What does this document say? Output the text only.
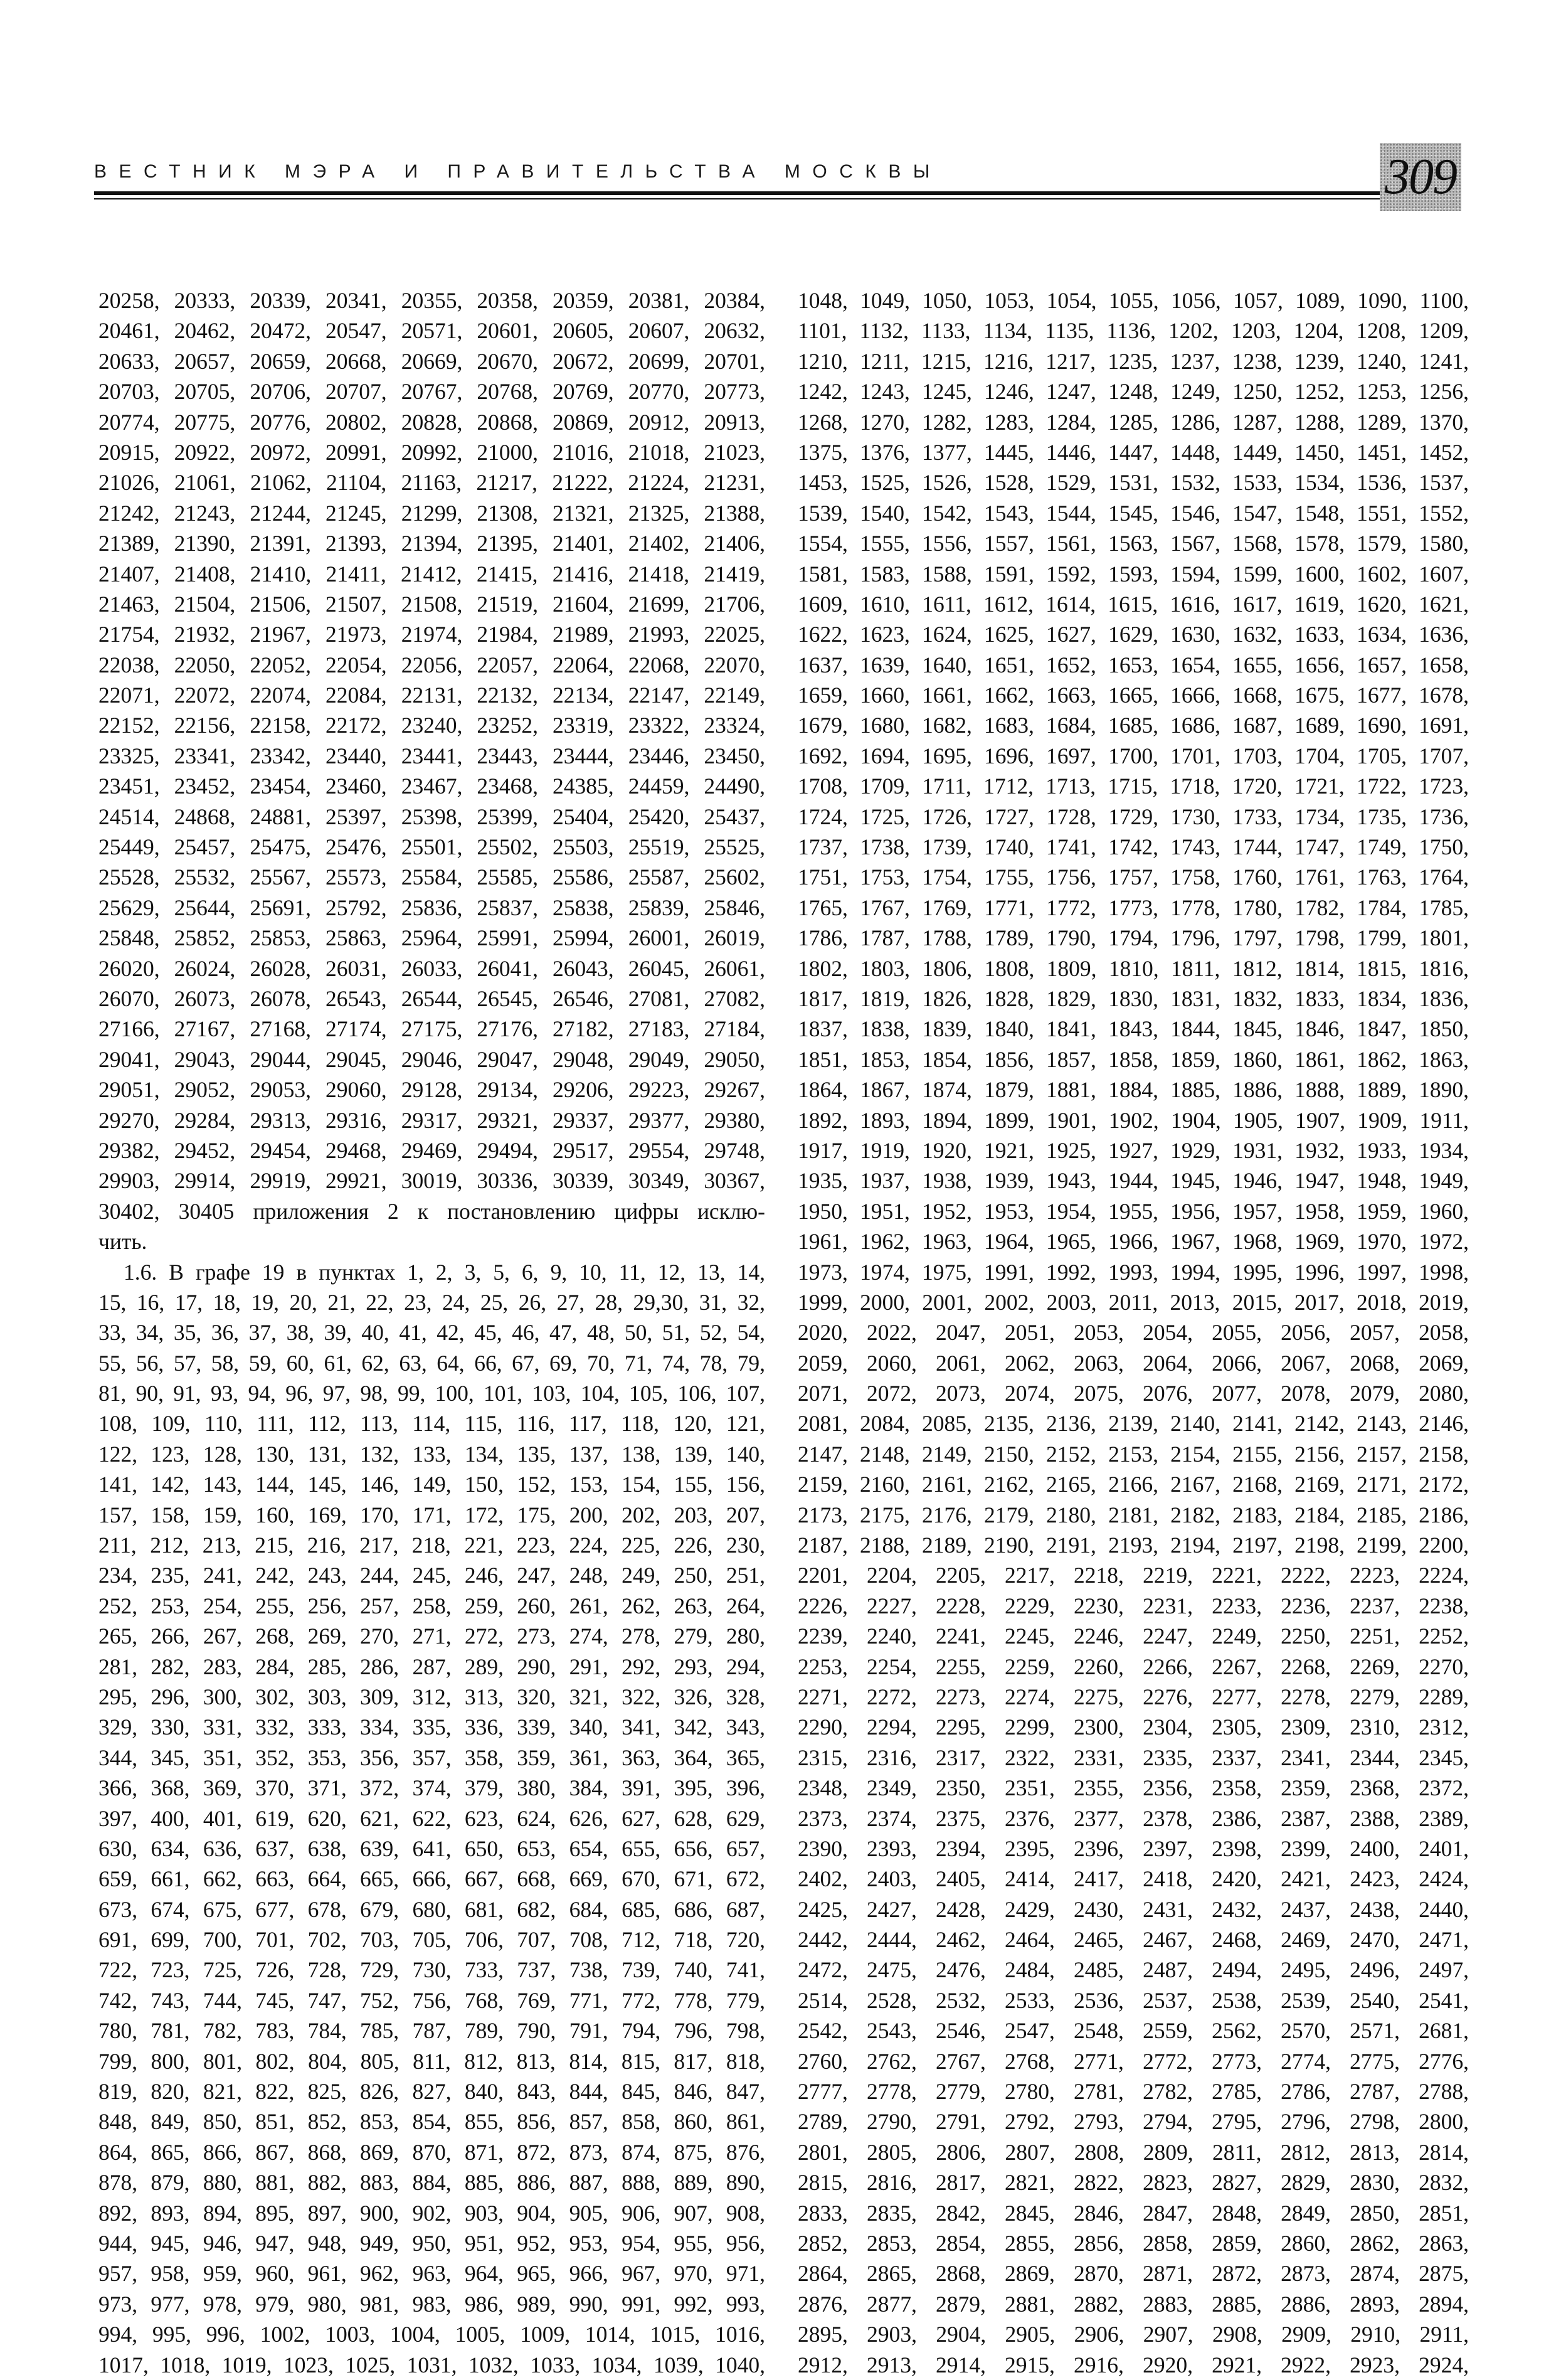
ВЕСТНИК МЭРА И ПРАВИТЕЛЬСТВА МОСКВЫ	309
20258, 20333, 20339, 20341, 20355, 20358, 20359, 20381, 20384,
20461, 20462, 20472, 20547, 20571, 20601, 20605, 20607, 20632,
20633, 20657, 20659, 20668, 20669, 20670, 20672, 20699, 20701,
20703, 20705, 20706, 20707, 20767, 20768, 20769, 20770, 20773,
20774, 20775, 20776, 20802, 20828, 20868, 20869, 20912, 20913,
20915, 20922, 20972, 20991, 20992, 21000, 21016, 21018, 21023,
21026, 21061, 21062, 21104, 21163, 21217, 21222, 21224, 21231,
21242, 21243, 21244, 21245, 21299, 21308, 21321, 21325, 21388,
21389, 21390, 21391, 21393, 21394, 21395, 21401, 21402, 21406,
21407, 21408, 21410, 21411, 21412, 21415, 21416, 21418, 21419,
21463, 21504, 21506, 21507, 21508, 21519, 21604, 21699, 21706,
21754, 21932, 21967, 21973, 21974, 21984, 21989, 21993, 22025,
22038, 22050, 22052, 22054, 22056, 22057, 22064, 22068, 22070,
22071, 22072, 22074, 22084, 22131, 22132, 22134, 22147, 22149,
22152, 22156, 22158, 22172, 23240, 23252, 23319, 23322, 23324,
23325, 23341, 23342, 23440, 23441, 23443, 23444, 23446, 23450,
23451, 23452, 23454, 23460, 23467, 23468, 24385, 24459, 24490,
24514, 24868, 24881, 25397, 25398, 25399, 25404, 25420, 25437,
25449, 25457, 25475, 25476, 25501, 25502, 25503, 25519, 25525,
25528, 25532, 25567, 25573, 25584, 25585, 25586, 25587, 25602,
25629, 25644, 25691, 25792, 25836, 25837, 25838, 25839, 25846,
25848, 25852, 25853, 25863, 25964, 25991, 25994, 26001, 26019,
26020, 26024, 26028, 26031, 26033, 26041, 26043, 26045, 26061,
26070, 26073, 26078, 26543, 26544, 26545, 26546, 27081, 27082,
27166, 27167, 27168, 27174, 27175, 27176, 27182, 27183, 27184,
29041, 29043, 29044, 29045, 29046, 29047, 29048, 29049, 29050,
29051, 29052, 29053, 29060, 29128, 29134, 29206, 29223, 29267,
29270, 29284, 29313, 29316, 29317, 29321, 29337, 29377, 29380,
29382, 29452, 29454, 29468, 29469, 29494, 29517, 29554, 29748,
29903, 29914, 29919, 29921, 30019, 30336, 30339, 30349, 30367,
30402, 30405 приложения 2 к постановлению цифры исклю-
чить.
1.6. В графе 19 в пунктах 1, 2, 3, 5, 6, 9, 10, 11, 12, 13, 14,
15, 16, 17, 18, 19, 20, 21, 22, 23, 24, 25, 26, 27, 28, 29,30, 31, 32,
33, 34, 35, 36, 37, 38, 39, 40, 41, 42, 45, 46, 47, 48, 50, 51, 52, 54,
55, 56, 57, 58, 59, 60, 61, 62, 63, 64, 66, 67, 69, 70, 71, 74, 78, 79,
81, 90, 91, 93, 94, 96, 97, 98, 99, 100, 101, 103, 104, 105, 106, 107,
108, 109, 110, 111, 112, 113, 114, 115, 116, 117, 118, 120, 121,
122, 123, 128, 130, 131, 132, 133, 134, 135, 137, 138, 139, 140,
141, 142, 143, 144, 145, 146, 149, 150, 152, 153, 154, 155, 156,
157, 158, 159, 160, 169, 170, 171, 172, 175, 200, 202, 203, 207,
211, 212, 213, 215, 216, 217, 218, 221, 223, 224, 225, 226, 230,
234, 235, 241, 242, 243, 244, 245, 246, 247, 248, 249, 250, 251,
252, 253, 254, 255, 256, 257, 258, 259, 260, 261, 262, 263, 264,
265, 266, 267, 268, 269, 270, 271, 272, 273, 274, 278, 279, 280,
281, 282, 283, 284, 285, 286, 287, 289, 290, 291, 292, 293, 294,
295, 296, 300, 302, 303, 309, 312, 313, 320, 321, 322, 326, 328,
329, 330, 331, 332, 333, 334, 335, 336, 339, 340, 341, 342, 343,
344, 345, 351, 352, 353, 356, 357, 358, 359, 361, 363, 364, 365,
366, 368, 369, 370, 371, 372, 374, 379, 380, 384, 391, 395, 396,
397, 400, 401, 619, 620, 621, 622, 623, 624, 626, 627, 628, 629,
630, 634, 636, 637, 638, 639, 641, 650, 653, 654, 655, 656, 657,
659, 661, 662, 663, 664, 665, 666, 667, 668, 669, 670, 671, 672,
673, 674, 675, 677, 678, 679, 680, 681, 682, 684, 685, 686, 687,
691, 699, 700, 701, 702, 703, 705, 706, 707, 708, 712, 718, 720,
722, 723, 725, 726, 728, 729, 730, 733, 737, 738, 739, 740, 741,
742, 743, 744, 745, 747, 752, 756, 768, 769, 771, 772, 778, 779,
780, 781, 782, 783, 784, 785, 787, 789, 790, 791, 794, 796, 798,
799, 800, 801, 802, 804, 805, 811, 812, 813, 814, 815, 817, 818,
819, 820, 821, 822, 825, 826, 827, 840, 843, 844, 845, 846, 847,
848, 849, 850, 851, 852, 853, 854, 855, 856, 857, 858, 860, 861,
864, 865, 866, 867, 868, 869, 870, 871, 872, 873, 874, 875, 876,
878, 879, 880, 881, 882, 883, 884, 885, 886, 887, 888, 889, 890,
892, 893, 894, 895, 897, 900, 902, 903, 904, 905, 906, 907, 908,
944, 945, 946, 947, 948, 949, 950, 951, 952, 953, 954, 955, 956,
957, 958, 959, 960, 961, 962, 963, 964, 965, 966, 967, 970, 971,
973, 977, 978, 979, 980, 981, 983, 986, 989, 990, 991, 992, 993,
994, 995, 996, 1002, 1003, 1004, 1005, 1009, 1014, 1015, 1016,
1017, 1018, 1019, 1023, 1025, 1031, 1032, 1033, 1034, 1039, 1040,
1048, 1049, 1050, 1053, 1054, 1055, 1056, 1057, 1089, 1090, 1100,
1101, 1132, 1133, 1134, 1135, 1136, 1202, 1203, 1204, 1208, 1209,
1210, 1211, 1215, 1216, 1217, 1235, 1237, 1238, 1239, 1240, 1241,
1242, 1243, 1245, 1246, 1247, 1248, 1249, 1250, 1252, 1253, 1256,
1268, 1270, 1282, 1283, 1284, 1285, 1286, 1287, 1288, 1289, 1370,
1375, 1376, 1377, 1445, 1446, 1447, 1448, 1449, 1450, 1451, 1452,
1453, 1525, 1526, 1528, 1529, 1531, 1532, 1533, 1534, 1536, 1537,
1539, 1540, 1542, 1543, 1544, 1545, 1546, 1547, 1548, 1551, 1552,
1554, 1555, 1556, 1557, 1561, 1563, 1567, 1568, 1578, 1579, 1580,
1581, 1583, 1588, 1591, 1592, 1593, 1594, 1599, 1600, 1602, 1607,
1609, 1610, 1611, 1612, 1614, 1615, 1616, 1617, 1619, 1620, 1621,
1622, 1623, 1624, 1625, 1627, 1629, 1630, 1632, 1633, 1634, 1636,
1637, 1639, 1640, 1651, 1652, 1653, 1654, 1655, 1656, 1657, 1658,
1659, 1660, 1661, 1662, 1663, 1665, 1666, 1668, 1675, 1677, 1678,
1679, 1680, 1682, 1683, 1684, 1685, 1686, 1687, 1689, 1690, 1691,
1692, 1694, 1695, 1696, 1697, 1700, 1701, 1703, 1704, 1705, 1707,
1708, 1709, 1711, 1712, 1713, 1715, 1718, 1720, 1721, 1722, 1723,
1724, 1725, 1726, 1727, 1728, 1729, 1730, 1733, 1734, 1735, 1736,
1737, 1738, 1739, 1740, 1741, 1742, 1743, 1744, 1747, 1749, 1750,
1751, 1753, 1754, 1755, 1756, 1757, 1758, 1760, 1761, 1763, 1764,
1765, 1767, 1769, 1771, 1772, 1773, 1778, 1780, 1782, 1784, 1785,
1786, 1787, 1788, 1789, 1790, 1794, 1796, 1797, 1798, 1799, 1801,
1802, 1803, 1806, 1808, 1809, 1810, 1811, 1812, 1814, 1815, 1816,
1817, 1819, 1826, 1828, 1829, 1830, 1831, 1832, 1833, 1834, 1836,
1837, 1838, 1839, 1840, 1841, 1843, 1844, 1845, 1846, 1847, 1850,
1851, 1853, 1854, 1856, 1857, 1858, 1859, 1860, 1861, 1862, 1863,
1864, 1867, 1874, 1879, 1881, 1884, 1885, 1886, 1888, 1889, 1890,
1892, 1893, 1894, 1899, 1901, 1902, 1904, 1905, 1907, 1909, 1911,
1917, 1919, 1920, 1921, 1925, 1927, 1929, 1931, 1932, 1933, 1934,
1935, 1937, 1938, 1939, 1943, 1944, 1945, 1946, 1947, 1948, 1949,
1950, 1951, 1952, 1953, 1954, 1955, 1956, 1957, 1958, 1959, 1960,
1961, 1962, 1963, 1964, 1965, 1966, 1967, 1968, 1969, 1970, 1972,
1973, 1974, 1975, 1991, 1992, 1993, 1994, 1995, 1996, 1997, 1998,
1999, 2000, 2001, 2002, 2003, 2011, 2013, 2015, 2017, 2018, 2019,
2020, 2022, 2047, 2051, 2053, 2054, 2055, 2056, 2057, 2058,
2059, 2060, 2061, 2062, 2063, 2064, 2066, 2067, 2068, 2069,
2071, 2072, 2073, 2074, 2075, 2076, 2077, 2078, 2079, 2080,
2081, 2084, 2085, 2135, 2136, 2139, 2140, 2141, 2142, 2143, 2146,
2147, 2148, 2149, 2150, 2152, 2153, 2154, 2155, 2156, 2157, 2158,
2159, 2160, 2161, 2162, 2165, 2166, 2167, 2168, 2169, 2171, 2172,
2173, 2175, 2176, 2179, 2180, 2181, 2182, 2183, 2184, 2185, 2186,
2187, 2188, 2189, 2190, 2191, 2193, 2194, 2197, 2198, 2199, 2200,
2201, 2204, 2205, 2217, 2218, 2219, 2221, 2222, 2223, 2224,
2226, 2227, 2228, 2229, 2230, 2231, 2233, 2236, 2237, 2238,
2239, 2240, 2241, 2245, 2246, 2247, 2249, 2250, 2251, 2252,
2253, 2254, 2255, 2259, 2260, 2266, 2267, 2268, 2269, 2270,
2271, 2272, 2273, 2274, 2275, 2276, 2277, 2278, 2279, 2289,
2290, 2294, 2295, 2299, 2300, 2304, 2305, 2309, 2310, 2312,
2315, 2316, 2317, 2322, 2331, 2335, 2337, 2341, 2344, 2345,
2348, 2349, 2350, 2351, 2355, 2356, 2358, 2359, 2368, 2372,
2373, 2374, 2375, 2376, 2377, 2378, 2386, 2387, 2388, 2389,
2390, 2393, 2394, 2395, 2396, 2397, 2398, 2399, 2400, 2401,
2402, 2403, 2405, 2414, 2417, 2418, 2420, 2421, 2423, 2424,
2425, 2427, 2428, 2429, 2430, 2431, 2432, 2437, 2438, 2440,
2442, 2444, 2462, 2464, 2465, 2467, 2468, 2469, 2470, 2471,
2472, 2475, 2476, 2484, 2485, 2487, 2494, 2495, 2496, 2497,
2514, 2528, 2532, 2533, 2536, 2537, 2538, 2539, 2540, 2541,
2542, 2543, 2546, 2547, 2548, 2559, 2562, 2570, 2571, 2681,
2760, 2762, 2767, 2768, 2771, 2772, 2773, 2774, 2775, 2776,
2777, 2778, 2779, 2780, 2781, 2782, 2785, 2786, 2787, 2788,
2789, 2790, 2791, 2792, 2793, 2794, 2795, 2796, 2798, 2800,
2801, 2805, 2806, 2807, 2808, 2809, 2811, 2812, 2813, 2814,
2815, 2816, 2817, 2821, 2822, 2823, 2827, 2829, 2830, 2832,
2833, 2835, 2842, 2845, 2846, 2847, 2848, 2849, 2850, 2851,
2852, 2853, 2854, 2855, 2856, 2858, 2859, 2860, 2862, 2863,
2864, 2865, 2868, 2869, 2870, 2871, 2872, 2873, 2874, 2875,
2876, 2877, 2879, 2881, 2882, 2883, 2885, 2886, 2893, 2894,
2895, 2903, 2904, 2905, 2906, 2907, 2908, 2909, 2910, 2911,
2912, 2913, 2914, 2915, 2916, 2920, 2921, 2922, 2923, 2924,
